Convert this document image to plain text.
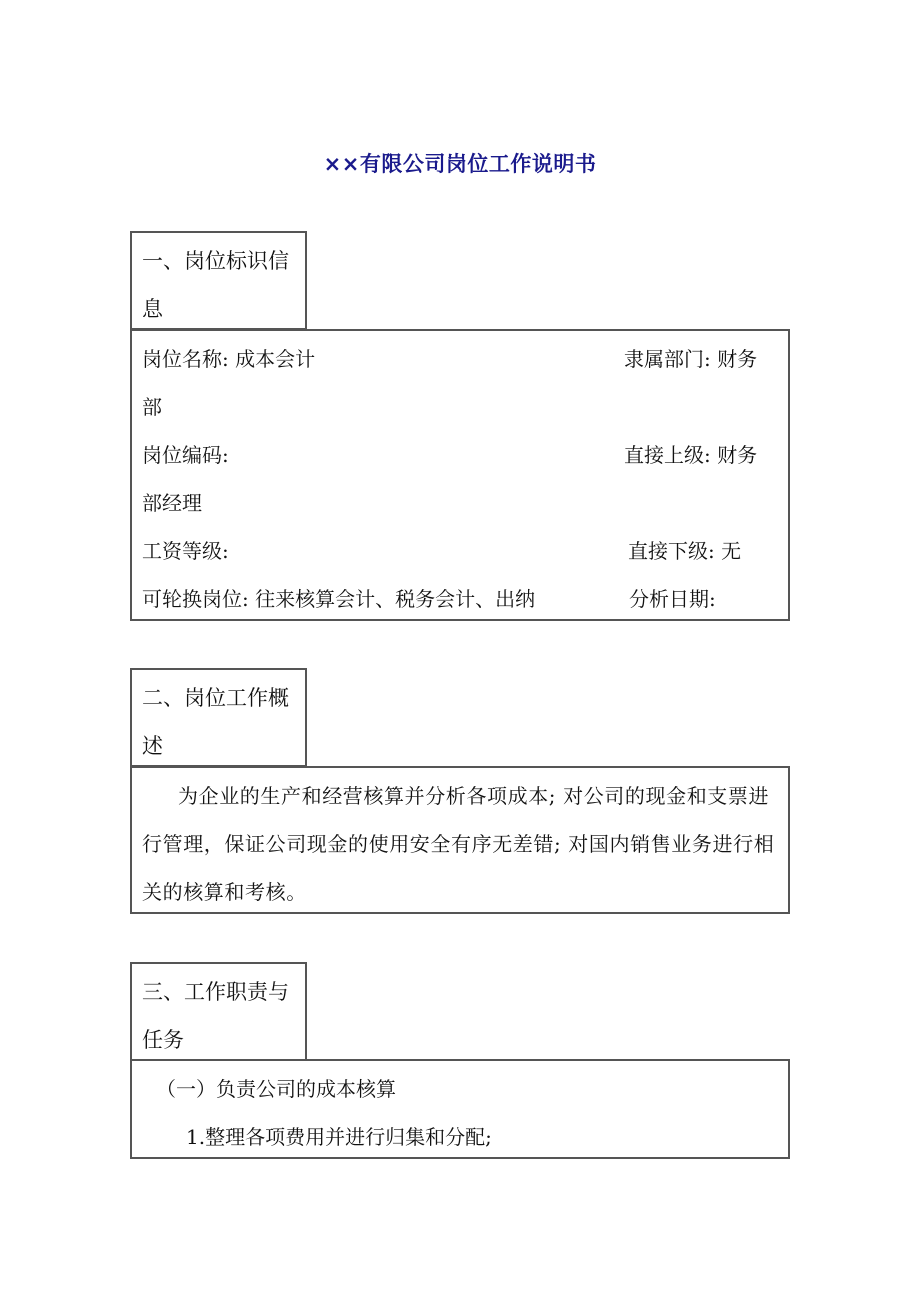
××有限公司岗位工作说明书
一、岗位标识信
息
岗位名称: 成本会计	隶属部门: 财务
部
岗位编码:	直接上级: 财务
部经理
工资等级:	直接下级: 无
可轮换岗位: 往来核算会计、税务会计、出纳	分析日期:
二、岗位工作概
述
为企业的生产和经营核算并分析各项成本; 对公司的现金和支票进行管理，保证公司现金的使用安全有序无差错; 对国内销售业务进行相关的核算和考核。
三、工作职责与
任务
（一）负责公司的成本核算
1.整理各项费用并进行归集和分配;
